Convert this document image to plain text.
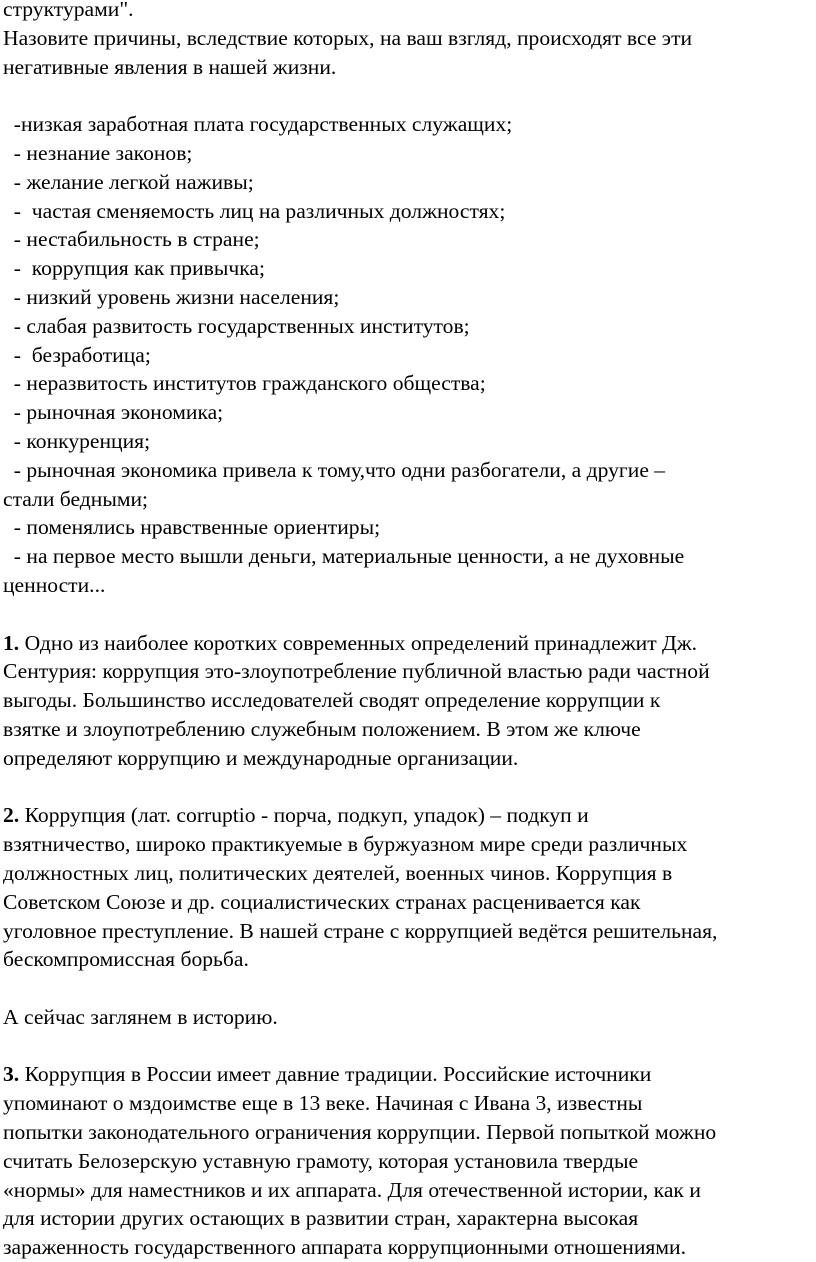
структурами".
Назовите причины, вследствие которых, на ваш взгляд, происходят все эти
негативные явления в нашей жизни.
-низкая заработная плата государственных служащих;
- незнание законов;
- желание легкой наживы;
-  частая сменяемость лиц на различных должностях;
- нестабильность в стране;
-  коррупция как привычка;
- низкий уровень жизни населения;
- слабая развитость государственных институтов;
-  безработица;
- неразвитость институтов гражданского общества;
- рыночная экономика;
- конкуренция;
- рыночная экономика привела к тому,что одни разбогатели, а другие –
стали бедными;
- поменялись нравственные ориентиры;
- на первое место вышли деньги, материальные ценности, а не духовные
ценности...
1. Одно из наиболее коротких современных определений принадлежит Дж.
Сентурия: коррупция это-злоупотребление публичной властью ради частной
выгоды. Большинство исследователей сводят определение коррупции к
взятке и злоупотреблению служебным положением. В этом же ключе
определяют коррупцию и международные организации.
2. Коррупция (лат. corruptio - порча, подкуп, упадок) – подкуп и
взятничество, широко практикуемые в буржуазном мире среди различных
должностных лиц, политических деятелей, военных чинов. Коррупция в
Советском Союзе и др. социалистических странах расценивается как
уголовное преступление. В нашей стране с коррупцией ведётся решительная,
бескомпромиссная борьба.
А сейчас заглянем в историю.
3. Коррупция в России имеет давние традиции. Российские источники
упоминают о мздоимстве еще в 13 веке. Начиная с Ивана 3, известны
попытки законодательного ограничения коррупции. Первой попыткой можно
считать Белозерскую уставную грамоту, которая установила твердые
«нормы» для наместников и их аппарата. Для отечественной истории, как и
для истории других остающих в развитии стран, характерна высокая
зараженность государственного аппарата коррупционными отношениями.
